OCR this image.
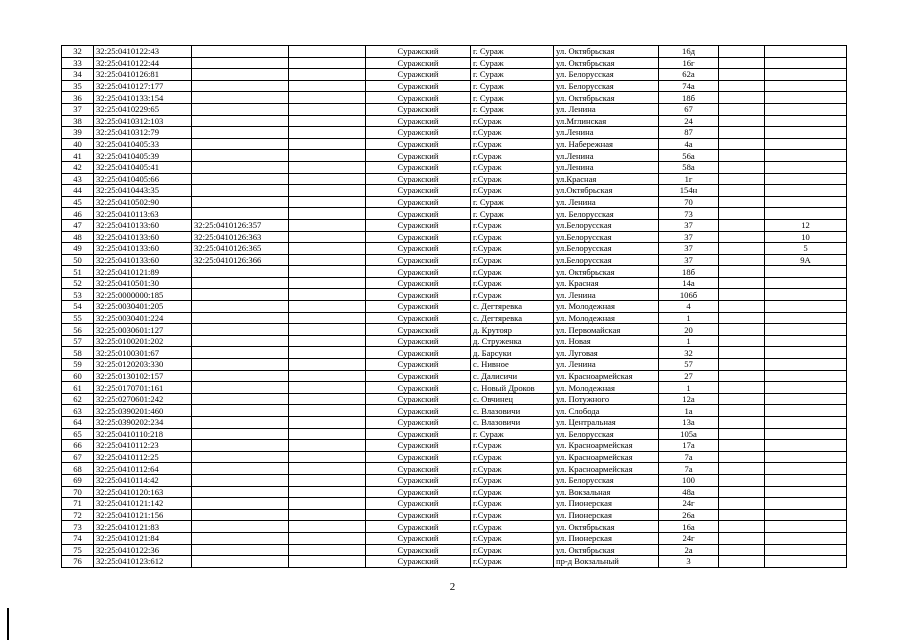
32	32:25:0410122:43			Суражский	г. Сураж	ул. Октябрьская	16д		
33	32:25:0410122:44			Суражский	г. Сураж	ул. Октябрьская	16г		
34	32:25:0410126:81			Суражский	г. Сураж	ул. Белорусская	62а		
35	32:25:0410127:177			Суражский	г. Сураж	ул. Белорусская	74а		
36	32:25:0410133:154			Суражский	г. Сураж	ул. Октябрьская	18б		
37	32:25:0410229:65			Суражский	г. Сураж	ул. Ленина	67		
38	32:25:0410312:103			Суражский	г.Сураж	ул.Мглинская	24		
39	32:25:0410312:79			Суражский	г.Сураж	ул.Ленина	87		
40	32:25:0410405:33			Суражский	г.Сураж	ул. Набережная	4а		
41	32:25:0410405:39			Суражский	г.Сураж	ул.Ленина	56а		
42	32:25:0410405:41			Суражский	г.Сураж	ул.Ленина	58а		
43	32:25:0410405:66			Суражский	г.Сураж	ул.Красная	1г		
44	32:25:0410443:35			Суражский	г.Сураж	ул.Октябрьская	154н		
45	32:25:0410502:90			Суражский	г. Сураж	ул. Ленина	70		
46	32:25:0410113:63			Суражский	г. Сураж	ул. Белорусская	73		
47	32:25:0410133:60	32:25:0410126:357		Суражский	г.Сураж	ул.Белорусская	37		12
48	32:25:0410133:60	32:25:0410126:363		Суражский	г.Сураж	ул.Белорусская	37		10
49	32:25:0410133:60	32:25:0410126:365		Суражский	г.Сураж	ул.Белорусская	37		5
50	32:25:0410133:60	32:25:0410126:366		Суражский	г.Сураж	ул.Белорусская	37		9А
51	32:25:0410121:89			Суражский	г.Сураж	ул. Октябрьская	18б		
52	32:25:0410501:30			Суражский	г.Сураж	ул. Красная	14а		
53	32:25:0000000:185			Суражский	г.Сураж	ул. Ленина	106б		
54	32:25:0030401:205			Суражский	с. Дегтяревка	ул. Молодежная	4		
55	32:25:0030401:224			Суражский	с. Дегтяревка	ул. Молодежная	1		
56	32:25:0030601:127			Суражский	д. Крутояр	ул. Первомайская	20		
57	32:25:0100201:202			Суражский	д. Струженка	ул. Новая	1		
58	32:25:0100301:67			Суражский	д. Барсуки	ул. Луговая	32		
59	32:25:0120203:330			Суражский	с. Нивное	ул. Ленина	57		
60	32:25:0130102:157			Суражский	с. Далисичи	ул. Красноармейская	27		
61	32:25:0170701:161			Суражский	с. Новый Дроков	ул. Молодежная	1		
62	32:25:0270601:242			Суражский	с. Овчинец	ул. Потужного	12а		
63	32:25:0390201:460			Суражский	с. Влазовичи	ул. Слобода	1а		
64	32:25:0390202:234			Суражский	с. Влазовичи	ул. Центральная	13а		
65	32:25:0410110:218			Суражский	г. Сураж	ул. Белорусская	105а		
66	32:25:0410112:23			Суражский	г.Сураж	ул. Красноармейская	17а		
67	32:25:0410112:25			Суражский	г.Сураж	ул. Красноармейская	7а		
68	32:25:0410112:64			Суражский	г.Сураж	ул. Красноармейская	7а		
69	32:25:0410114:42			Суражский	г.Сураж	ул. Белорусская	100		
70	32:25:0410120:163			Суражский	г.Сураж	ул. Вокзальная	48а		
71	32:25:0410121:142			Суражский	г.Сураж	ул. Пионерская	24г		
72	32:25:0410121:156			Суражский	г.Сураж	ул. Пионерская	26а		
73	32:25:0410121:83			Суражский	г.Сураж	ул. Октябрьская	16а		
74	32:25:0410121:84			Суражский	г.Сураж	ул. Пионерская	24г		
75	32:25:0410122:36			Суражский	г.Сураж	ул. Октябрьская	2а		
76	32:25:0410123:612			Суражский	г.Сураж	пр-д Вокзальный	3		
2
